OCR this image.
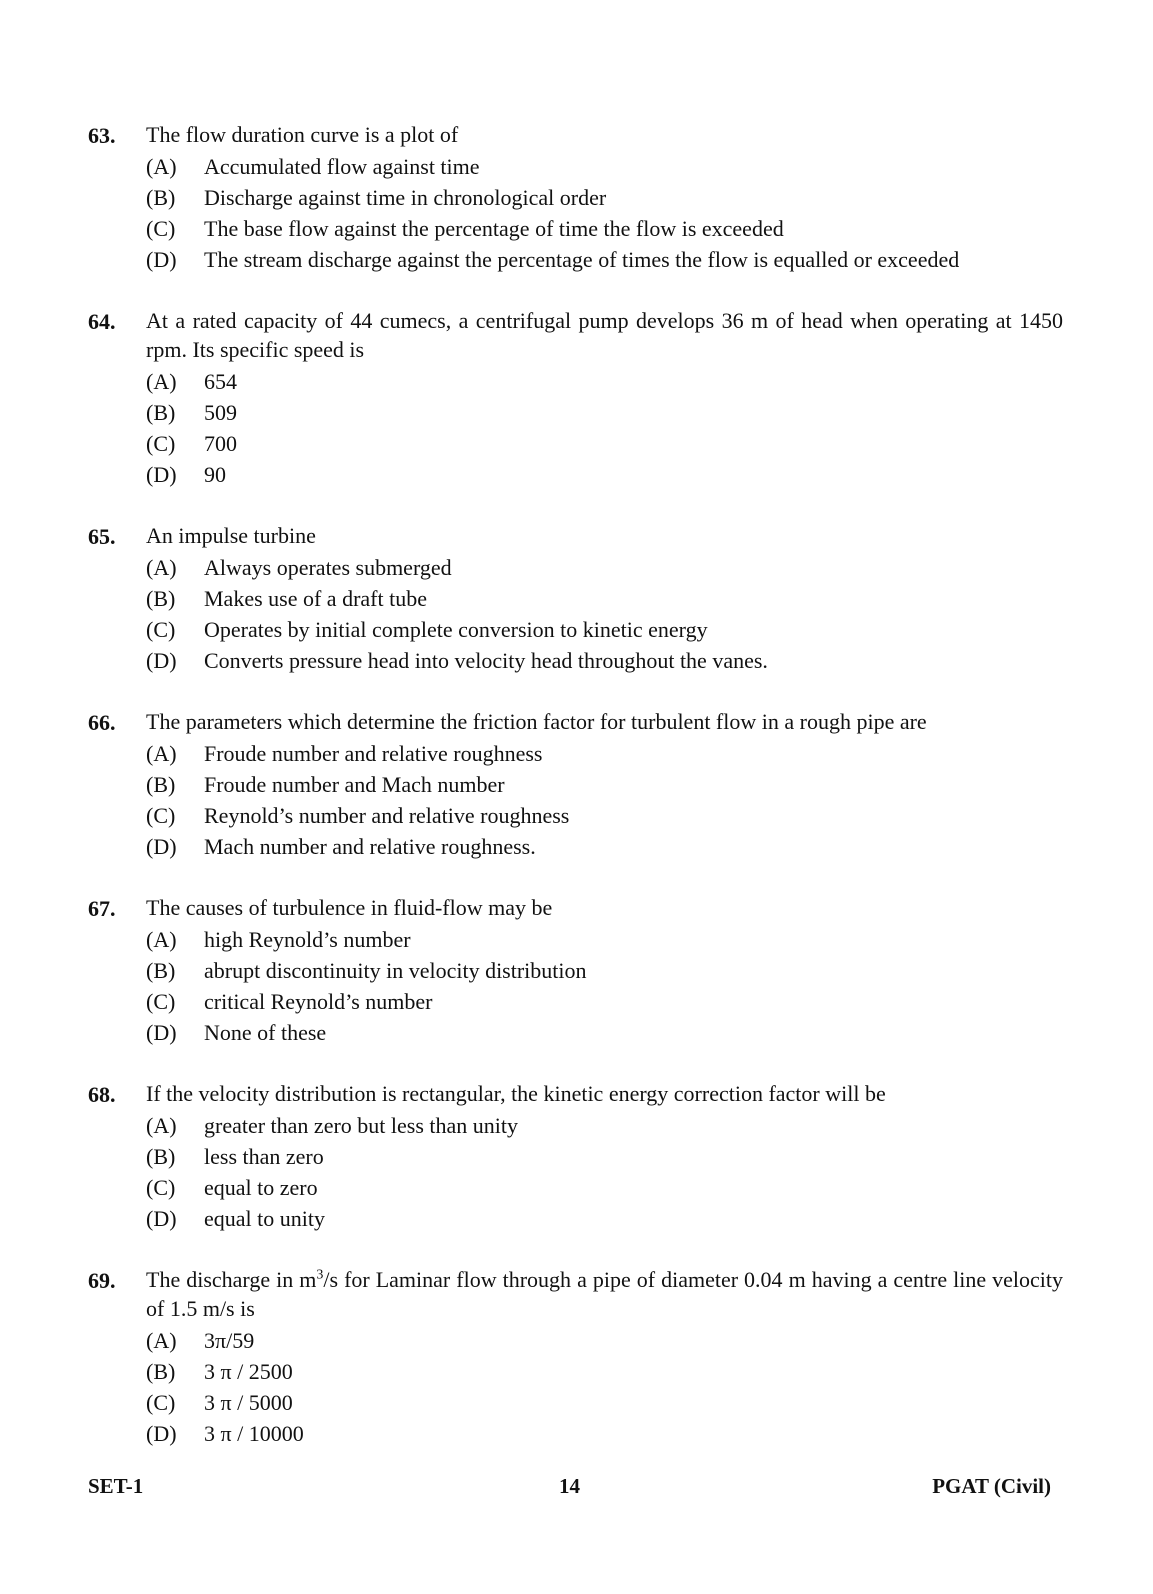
63.	The flow duration curve is a plot of
(A)	Accumulated flow against time
(B)	Discharge against time in chronological order
(C)	The base flow against the percentage of time the flow is exceeded
(D)	The stream discharge against the percentage of times the flow is equalled or exceeded
64.	At a rated capacity of 44 cumecs, a centrifugal pump develops 36 m of head when operating at 1450 rpm. Its specific speed is
(A)	654
(B)	509
(C)	700
(D)	90
65.	An impulse turbine
(A)	Always operates submerged
(B)	Makes use of a draft tube
(C)	Operates by initial complete conversion to kinetic energy
(D)	Converts pressure head into velocity head throughout the vanes.
66.	The parameters which determine the friction factor for turbulent flow in a rough pipe are
(A)	Froude number and relative roughness
(B)	Froude number and Mach number
(C)	Reynold’s number and relative roughness
(D)	Mach number and relative roughness.
67.	The causes of turbulence in fluid-flow may be
(A)	high Reynold’s number
(B)	abrupt discontinuity in velocity distribution
(C)	critical Reynold’s number
(D)	None of these
68.	If the velocity distribution is rectangular, the kinetic energy correction factor will be
(A)	greater than zero but less than unity
(B)	less than zero
(C)	equal to zero
(D)	equal to unity
69.	The discharge in $m^3/s$ for Laminar flow through a pipe of diameter 0.04 m having a centre line velocity of 1.5 m/s is
(A)	3π/59
(B)	3 π / 2500
(C)	3 π / 5000
(D)	3 π / 10000
SET-1	14	PGAT (Civil)
